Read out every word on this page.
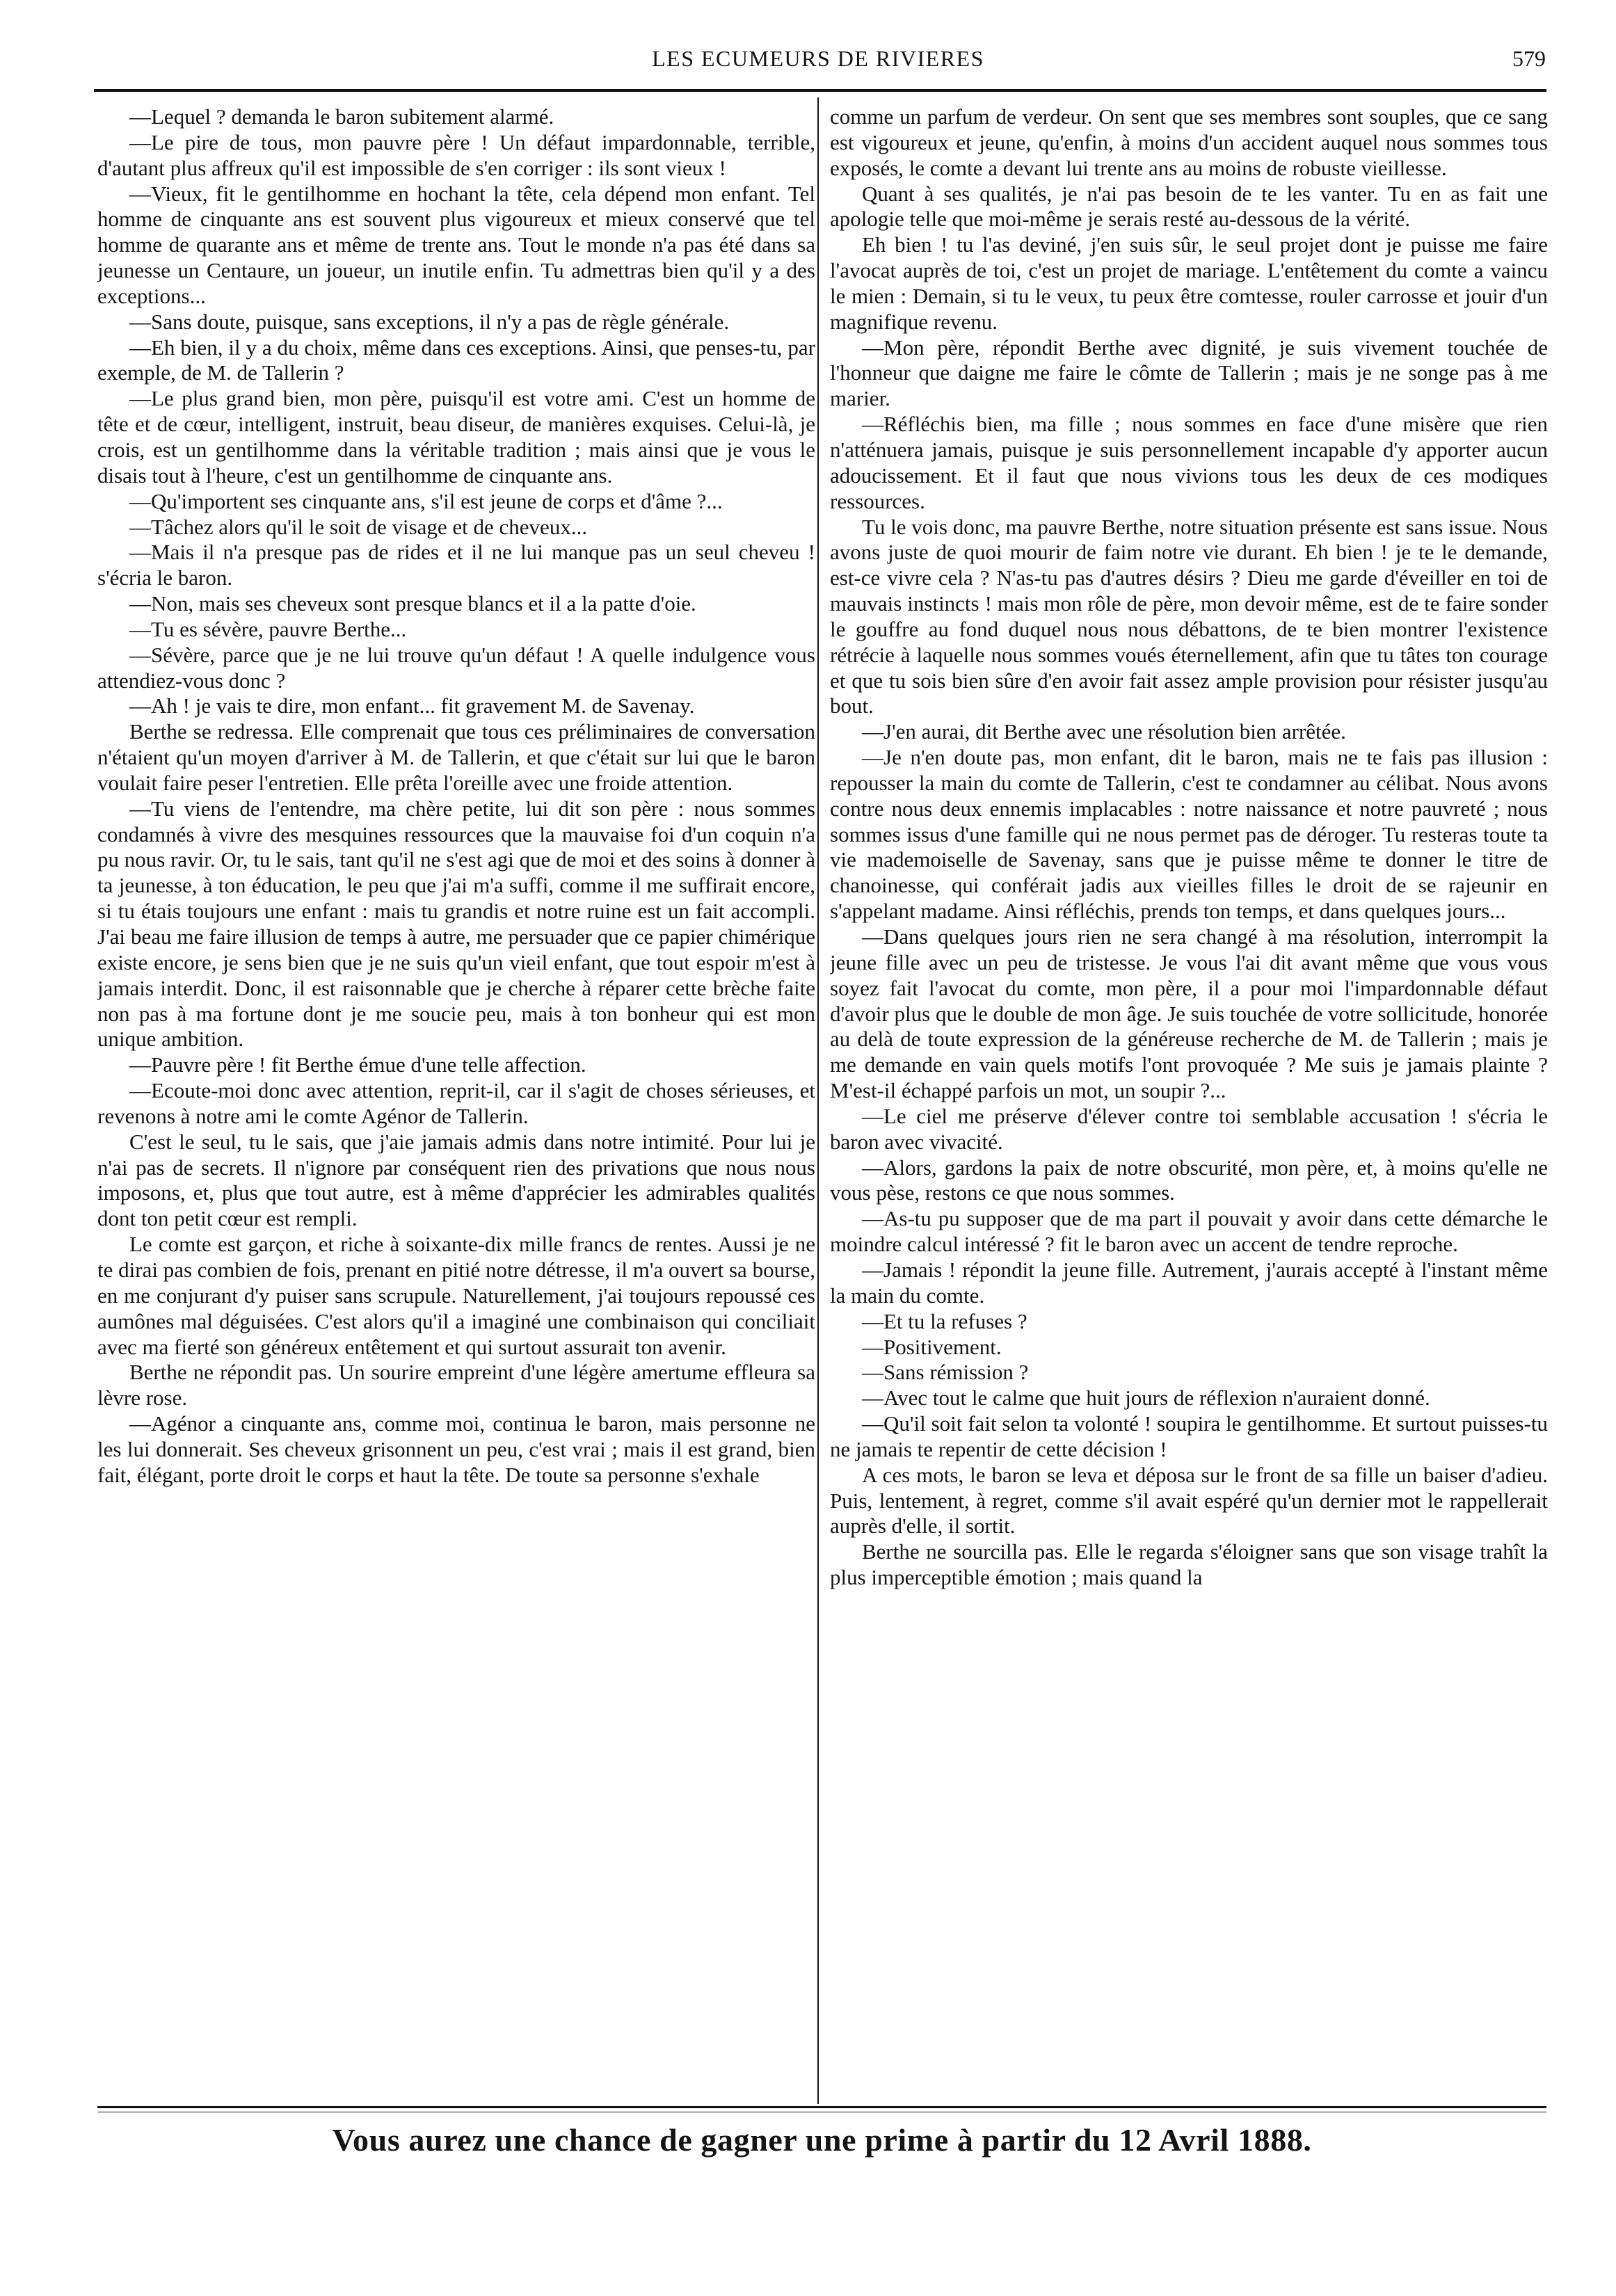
LES ECUMEURS DE RIVIERES	579

—Lequel ? demanda le baron subitement alarmé.

—Le pire de tous, mon pauvre père ! Un défaut impardonnable, terrible, d'autant plus affreux qu'il est impossible de s'en corriger : ils sont vieux !

—Vieux, fit le gentilhomme en hochant la tête, cela dépend mon enfant. Tel homme de cinquante ans est souvent plus vigoureux et mieux conservé que tel homme de quarante ans et même de trente ans. Tout le monde n'a pas été dans sa jeunesse un Centaure, un joueur, un inutile enfin. Tu admettras bien qu'il y a des exceptions...

—Sans doute, puisque, sans exceptions, il n'y a pas de règle générale.

—Eh bien, il y a du choix, même dans ces exceptions. Ainsi, que penses-tu, par exemple, de M. de Tallerin ?

—Le plus grand bien, mon père, puisqu'il est votre ami. C'est un homme de tête et de cœur, intelligent, instruit, beau diseur, de manières exquises. Celui-là, je crois, est un gentilhomme dans la véritable tradition ; mais ainsi que je vous le disais tout à l'heure, c'est un gentilhomme de cinquante ans.

—Qu'importent ses cinquante ans, s'il est jeune de corps et d'âme ?...

—Tâchez alors qu'il le soit de visage et de cheveux...

—Mais il n'a presque pas de rides et il ne lui manque pas un seul cheveu ! s'écria le baron.

—Non, mais ses cheveux sont presque blancs et il a la patte d'oie.

—Tu es sévère, pauvre Berthe...

—Sévère, parce que je ne lui trouve qu'un défaut ! A quelle indulgence vous attendiez-vous donc ?

—Ah ! je vais te dire, mon enfant... fit gravement M. de Savenay.

Berthe se redressa. Elle comprenait que tous ces préliminaires de conversation n'étaient qu'un moyen d'arriver à M. de Tallerin, et que c'était sur lui que le baron voulait faire peser l'entretien. Elle prêta l'oreille avec une froide attention.

—Tu viens de l'entendre, ma chère petite, lui dit son père : nous sommes condamnés à vivre des mesquines ressources que la mauvaise foi d'un coquin n'a pu nous ravir. Or, tu le sais, tant qu'il ne s'est agi que de moi et des soins à donner à ta jeunesse, à ton éducation, le peu que j'ai m'a suffi, comme il me suffirait encore, si tu étais toujours une enfant : mais tu grandis et notre ruine est un fait accompli. J'ai beau me faire illusion de temps à autre, me persuader que ce papier chimérique existe encore, je sens bien que je ne suis qu'un vieil enfant, que tout espoir m'est à jamais interdit. Donc, il est raisonnable que je cherche à réparer cette brèche faite non pas à ma fortune dont je me soucie peu, mais à ton bonheur qui est mon unique ambition.

—Pauvre père ! fit Berthe émue d'une telle affection.

—Ecoute-moi donc avec attention, reprit-il, car il s'agit de choses sérieuses, et revenons à notre ami le comte Agénor de Tallerin.

C'est le seul, tu le sais, que j'aie jamais admis dans notre intimité. Pour lui je n'ai pas de secrets. Il n'ignore par conséquent rien des privations que nous nous imposons, et, plus que tout autre, est à même d'apprécier les admirables qualités dont ton petit cœur est rempli.

Le comte est garçon, et riche à soixante-dix mille francs de rentes. Aussi je ne te dirai pas combien de fois, prenant en pitié notre détresse, il m'a ouvert sa bourse, en me conjurant d'y puiser sans scrupule. Naturellement, j'ai toujours repoussé ces aumônes mal déguisées. C'est alors qu'il a imaginé une combinaison qui conciliait avec ma fierté son généreux entêtement et qui surtout assurait ton avenir.

Berthe ne répondit pas. Un sourire empreint d'une légère amertume effleura sa lèvre rose.

—Agénor a cinquante ans, comme moi, continua le baron, mais personne ne les lui donnerait. Ses cheveux grisonnent un peu, c'est vrai ; mais il est grand, bien fait, élégant, porte droit le corps et haut la tête. De toute sa personne s'exhale

comme un parfum de verdeur. On sent que ses membres sont souples, que ce sang est vigoureux et jeune, qu'enfin, à moins d'un accident auquel nous sommes tous exposés, le comte a devant lui trente ans au moins de robuste vieillesse.

Quant à ses qualités, je n'ai pas besoin de te les vanter. Tu en as fait une apologie telle que moi-même je serais resté au-dessous de la vérité.

Eh bien ! tu l'as deviné, j'en suis sûr, le seul projet dont je puisse me faire l'avocat auprès de toi, c'est un projet de mariage. L'entêtement du comte a vaincu le mien : Demain, si tu le veux, tu peux être comtesse, rouler carrosse et jouir d'un magnifique revenu.

—Mon père, répondit Berthe avec dignité, je suis vivement touchée de l'honneur que daigne me faire le cômte de Tallerin ; mais je ne songe pas à me marier.

—Réfléchis bien, ma fille ; nous sommes en face d'une misère que rien n'atténuera jamais, puisque je suis personnellement incapable d'y apporter aucun adoucissement. Et il faut que nous vivions tous les deux de ces modiques ressources.

Tu le vois donc, ma pauvre Berthe, notre situation présente est sans issue. Nous avons juste de quoi mourir de faim notre vie durant. Eh bien ! je te le demande, est-ce vivre cela ? N'as-tu pas d'autres désirs ? Dieu me garde d'éveiller en toi de mauvais instincts ! mais mon rôle de père, mon devoir même, est de te faire sonder le gouffre au fond duquel nous nous débattons, de te bien montrer l'existence rétrécie à laquelle nous sommes voués éternellement, afin que tu tâtes ton courage et que tu sois bien sûre d'en avoir fait assez ample provision pour résister jusqu'au bout.

—J'en aurai, dit Berthe avec une résolution bien arrêtée.

—Je n'en doute pas, mon enfant, dit le baron, mais ne te fais pas illusion : repousser la main du comte de Tallerin, c'est te condamner au célibat. Nous avons contre nous deux ennemis implacables : notre naissance et notre pauvreté ; nous sommes issus d'une famille qui ne nous permet pas de déroger. Tu resteras toute ta vie mademoiselle de Savenay, sans que je puisse même te donner le titre de chanoinesse, qui conférait jadis aux vieilles filles le droit de se rajeunir en s'appelant madame. Ainsi réfléchis, prends ton temps, et dans quelques jours...

—Dans quelques jours rien ne sera changé à ma résolution, interrompit la jeune fille avec un peu de tristesse. Je vous l'ai dit avant même que vous vous soyez fait l'avocat du comte, mon père, il a pour moi l'impardonnable défaut d'avoir plus que le double de mon âge. Je suis touchée de votre sollicitude, honorée au delà de toute expression de la généreuse recherche de M. de Tallerin ; mais je me demande en vain quels motifs l'ont provoquée ? Me suis je jamais plainte ? M'est-il échappé parfois un mot, un soupir ?...

—Le ciel me préserve d'élever contre toi semblable accusation ! s'écria le baron avec vivacité.

—Alors, gardons la paix de notre obscurité, mon père, et, à moins qu'elle ne vous pèse, restons ce que nous sommes.

—As-tu pu supposer que de ma part il pouvait y avoir dans cette démarche le moindre calcul intéressé ? fit le baron avec un accent de tendre reproche.

—Jamais ! répondit la jeune fille. Autrement, j'aurais accepté à l'instant même la main du comte.

—Et tu la refuses ?

—Positivement.

—Sans rémission ?

—Avec tout le calme que huit jours de réflexion n'auraient donné.

—Qu'il soit fait selon ta volonté ! soupira le gentilhomme. Et surtout puisses-tu ne jamais te repentir de cette décision !

A ces mots, le baron se leva et déposa sur le front de sa fille un baiser d'adieu. Puis, lentement, à regret, comme s'il avait espéré qu'un dernier mot le rappellerait auprès d'elle, il sortit.

Berthe ne sourcilla pas. Elle le regarda s'éloigner sans que son visage trahît la plus imperceptible émotion ; mais quand la

Vous aurez une chance de gagner une prime à partir du 12 Avril 1888.
